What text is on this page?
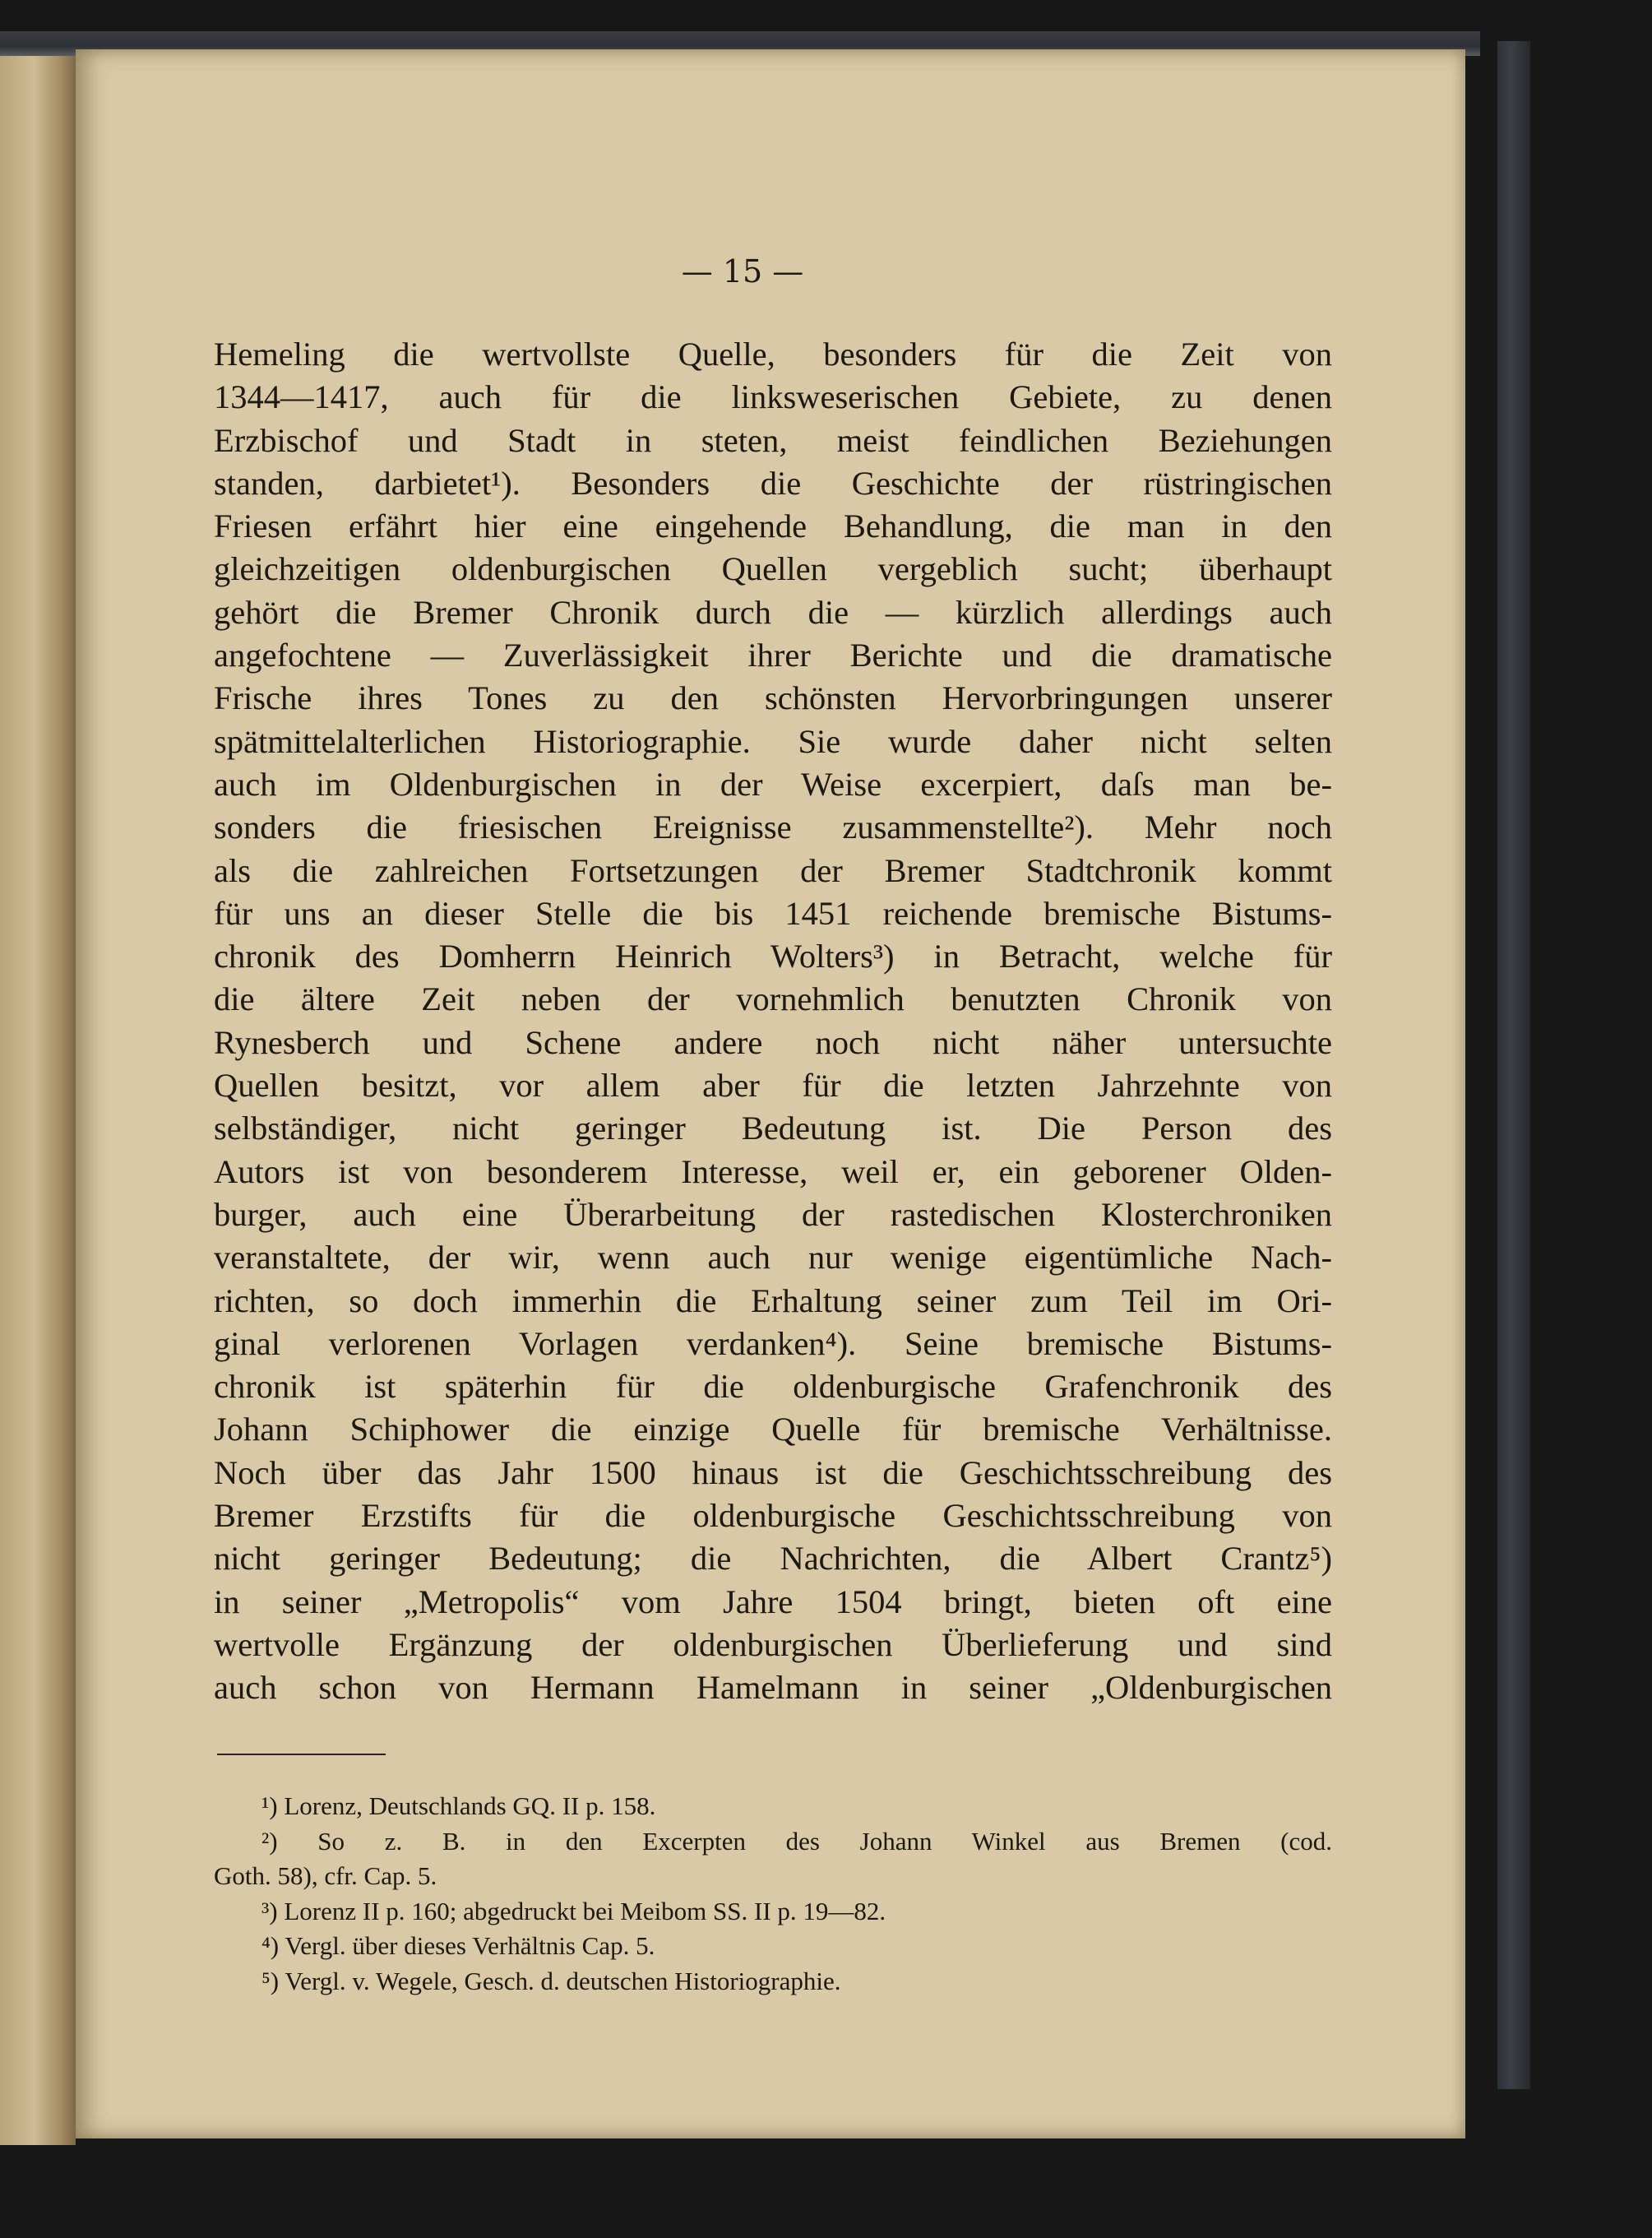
— 15 —
Hemeling die wertvollste Quelle, besonders für die Zeit von
1344—1417, auch für die linksweserischen Gebiete, zu denen
Erzbischof und Stadt in steten, meist feindlichen Beziehungen
standen, darbietet¹). Besonders die Geschichte der rüstringischen
Friesen erfährt hier eine eingehende Behandlung, die man in den
gleichzeitigen oldenburgischen Quellen vergeblich sucht; überhaupt
gehört die Bremer Chronik durch die — kürzlich allerdings auch
angefochtene — Zuverlässigkeit ihrer Berichte und die dramatische
Frische ihres Tones zu den schönsten Hervorbringungen unserer
spätmittelalterlichen Historiographie. Sie wurde daher nicht selten
auch im Oldenburgischen in der Weise excerpiert, daſs man be-
sonders die friesischen Ereignisse zusammenstellte²). Mehr noch
als die zahlreichen Fortsetzungen der Bremer Stadtchronik kommt
für uns an dieser Stelle die bis 1451 reichende bremische Bistums-
chronik des Domherrn Heinrich Wolters³) in Betracht, welche für
die ältere Zeit neben der vornehmlich benutzten Chronik von
Rynesberch und Schene andere noch nicht näher untersuchte
Quellen besitzt, vor allem aber für die letzten Jahrzehnte von
selbständiger, nicht geringer Bedeutung ist. Die Person des
Autors ist von besonderem Interesse, weil er, ein geborener Olden-
burger, auch eine Überarbeitung der rastedischen Klosterchroniken
veranstaltete, der wir, wenn auch nur wenige eigentümliche Nach-
richten, so doch immerhin die Erhaltung seiner zum Teil im Ori-
ginal verlorenen Vorlagen verdanken⁴). Seine bremische Bistums-
chronik ist späterhin für die oldenburgische Grafenchronik des
Johann Schiphower die einzige Quelle für bremische Verhältnisse.
Noch über das Jahr 1500 hinaus ist die Geschichtsschreibung des
Bremer Erzstifts für die oldenburgische Geschichtsschreibung von
nicht geringer Bedeutung; die Nachrichten, die Albert Crantz⁵)
in seiner „Metropolis“ vom Jahre 1504 bringt, bieten oft eine
wertvolle Ergänzung der oldenburgischen Überlieferung und sind
auch schon von Hermann Hamelmann in seiner „Oldenburgischen
¹) Lorenz, Deutschlands GQ. II p. 158.
²) So z. B. in den Excerpten des Johann Winkel aus Bremen (cod.
Goth. 58), cfr. Cap. 5.
³) Lorenz II p. 160; abgedruckt bei Meibom SS. II p. 19—82.
⁴) Vergl. über dieses Verhältnis Cap. 5.
⁵) Vergl. v. Wegele, Gesch. d. deutschen Historiographie.
